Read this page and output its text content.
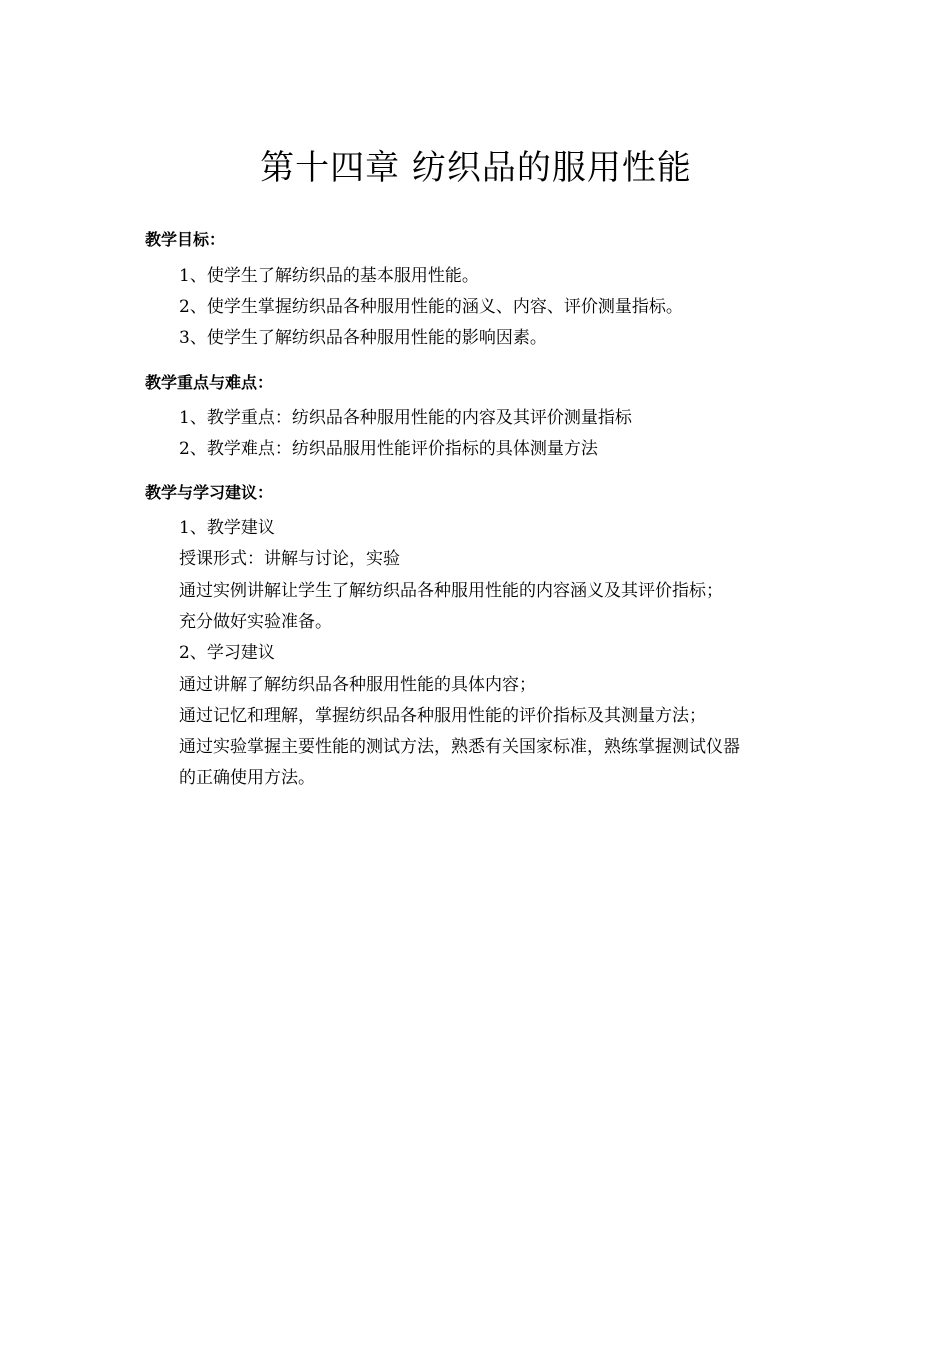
第十四章 纺织品的服用性能
教学目标：
1、使学生了解纺织品的基本服用性能。
2、使学生掌握纺织品各种服用性能的涵义、内容、评价测量指标。
3、使学生了解纺织品各种服用性能的影响因素。
教学重点与难点：
1、教学重点：纺织品各种服用性能的内容及其评价测量指标
2、教学难点：纺织品服用性能评价指标的具体测量方法
教学与学习建议：
1、教学建议
授课形式：讲解与讨论，实验
通过实例讲解让学生了解纺织品各种服用性能的内容涵义及其评价指标；
充分做好实验准备。
2、学习建议
通过讲解了解纺织品各种服用性能的具体内容；
通过记忆和理解，掌握纺织品各种服用性能的评价指标及其测量方法；
通过实验掌握主要性能的测试方法，熟悉有关国家标准，熟练掌握测试仪器
的正确使用方法。
